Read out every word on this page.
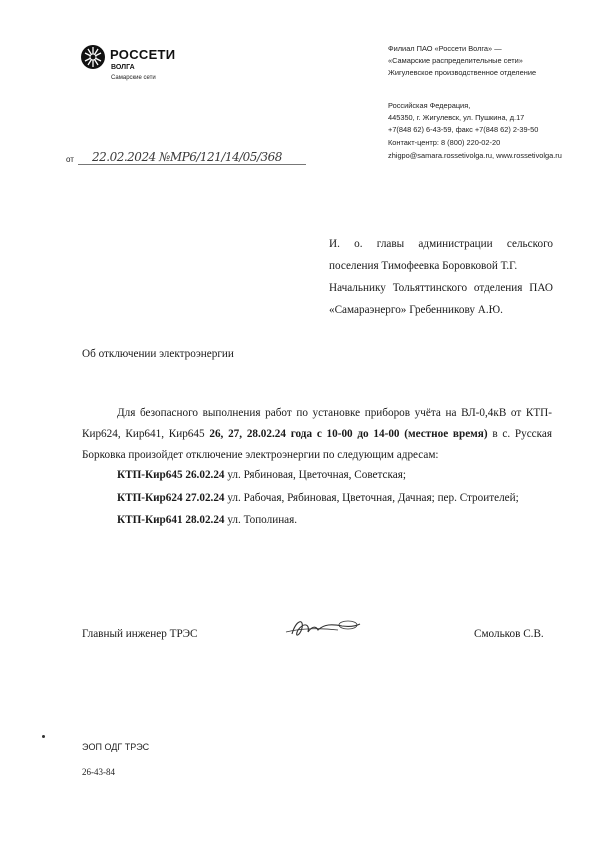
РОССЕТИ
ВОЛГА
Самарские сети
Филиал ПАО «Россети Волга» —
«Самарские распределительные сети»
Жигулевское производственное отделение
Российская Федерация,
445350, г. Жигулевск, ул. Пушкина, д.17
+7(848 62) 6-43-59, факс +7(848 62) 2-39-50
Контакт-центр: 8 (800) 220-02-20
zhigpo@samara.rossetivolga.ru, www.rossetivolga.ru
от 22.02.2024 №МР6/121/14/05/368
И. о. главы администрации сельского поселения Тимофеевка Боровковой Т.Г.
Начальнику Тольяттинского отделения ПАО «Самараэнерго» Гребенникову А.Ю.
Об отключении электроэнергии
Для безопасного выполнения работ по установке приборов учёта на ВЛ-0,4кВ от КТП-Кир624, Кир641, Кир645 26, 27, 28.02.24 года с 10-00 до 14-00 (местное время) в с. Русская Борковка произойдет отключение электроэнергии по следующим адресам:
КТП-Кир645 26.02.24 ул. Рябиновая, Цветочная, Советская;
КТП-Кир624 27.02.24 ул. Рабочая, Рябиновая, Цветочная, Дачная; пер. Строителей;
КТП-Кир641 28.02.24 ул. Тополиная.
Главный инженер ТРЭС	Смольков С.В.
ЭОП ОДГ ТРЭС
26-43-84
